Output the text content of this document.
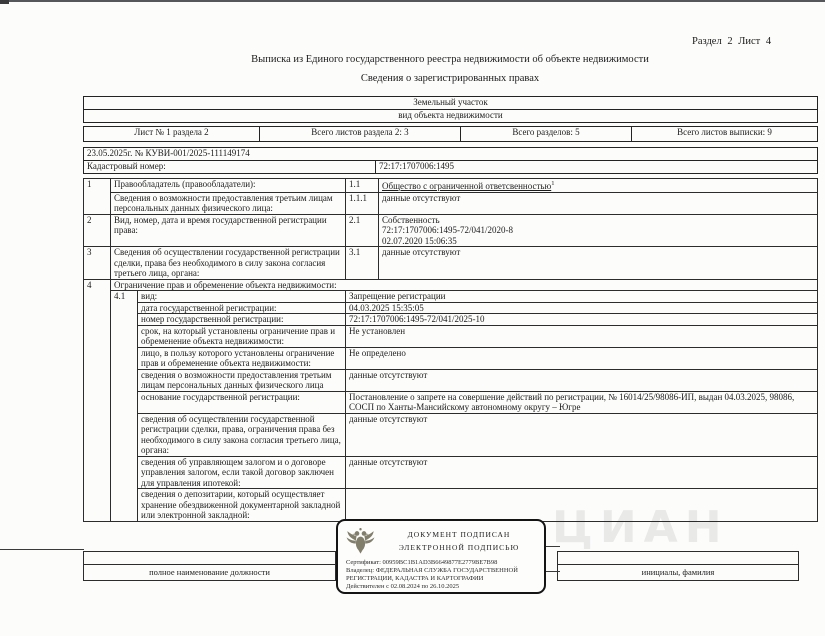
ЦИАН
Раздел 2 Лист 4
Выписка из Единого государственного реестра недвижимости об объекте недвижимости
Сведения о зарегистрированных правах
Земельный участок
вид объекта недвижимости
Лист № 1 раздела 2	Всего листов раздела 2: 3	Всего разделов: 5	Всего листов выписки: 9
23.05.2025г. № КУВИ-001/2025-111149174
Кадастровый номер:	72:17:1707006:1495
1	Правообладатель (правообладатели):		1.1	Общество с ограниченной ответсвенностью$^1$
	Сведения о возможности предоставления третьим лицам персональных данных физического лица:		1.1.1	данные отсутствуют
2	Вид, номер, дата и время государственной регистрации права:		2.1	Собственность
72:17:1707006:1495-72/041/2020-8
02.07.2020 15:06:35

3	Сведения об осуществлении государственной регистрации сделки, права без необходимого в силу закона согласия третьего лица, органа:		3.1	данные отсутствуют
4	Ограничение прав и обременение объекта недвижимости:			
	4.1	вид:	Запрещение регистрации	
		дата государственной регистрации:	04.03.2025 15:35:05	
		номер государственной регистрации:	72:17:1707006:1495-72/041/2025-10	
		срок, на который установлены ограничение прав и обременение объекта недвижимости:	Не установлен	
		лицо, в пользу которого установлены ограничение прав и обременение объекта недвижимости:	Не определено	
		сведения о возможности предоставления третьим лицам персональных данных физического лица	данные отсутствуют	
		основание государственной регистрации:	Постановление о запрете на совершение действий по регистрации, № 16014/25/98086-ИП, выдан 04.03.2025, 98086, СОСП по Ханты-Мансийскому автономному округу – Югре	
		сведения об осуществлении государственной регистрации сделки, права, ограничения права без необходимого в силу закона согласия третьего лица, органа:	данные отсутствуют	
		сведения об управляющем залогом и о договоре управления залогом, если такой договор заключен для управления ипотекой:	данные отсутствуют	
		сведения о депозитарии, который осуществляет хранение обездвиженной документарной закладной или электронной закладной:		

полное наименование должности	инициалы, фамилия
ДОКУМЕНТ ПОДПИСАН
ЭЛЕКТРОННОЙ ПОДПИСЬЮ
Сертификат: 00959ВС1В1АD3В6649877Е2779ВЕ7В98
Владелец: ФЕДЕРАЛЬНАЯ СЛУЖБА ГОСУДАРСТВЕННОЙ
РЕГИСТРАЦИИ, КАДАСТРА И КАРТОГРАФИИ
Действителен с 02.08.2024 по 26.10.2025
